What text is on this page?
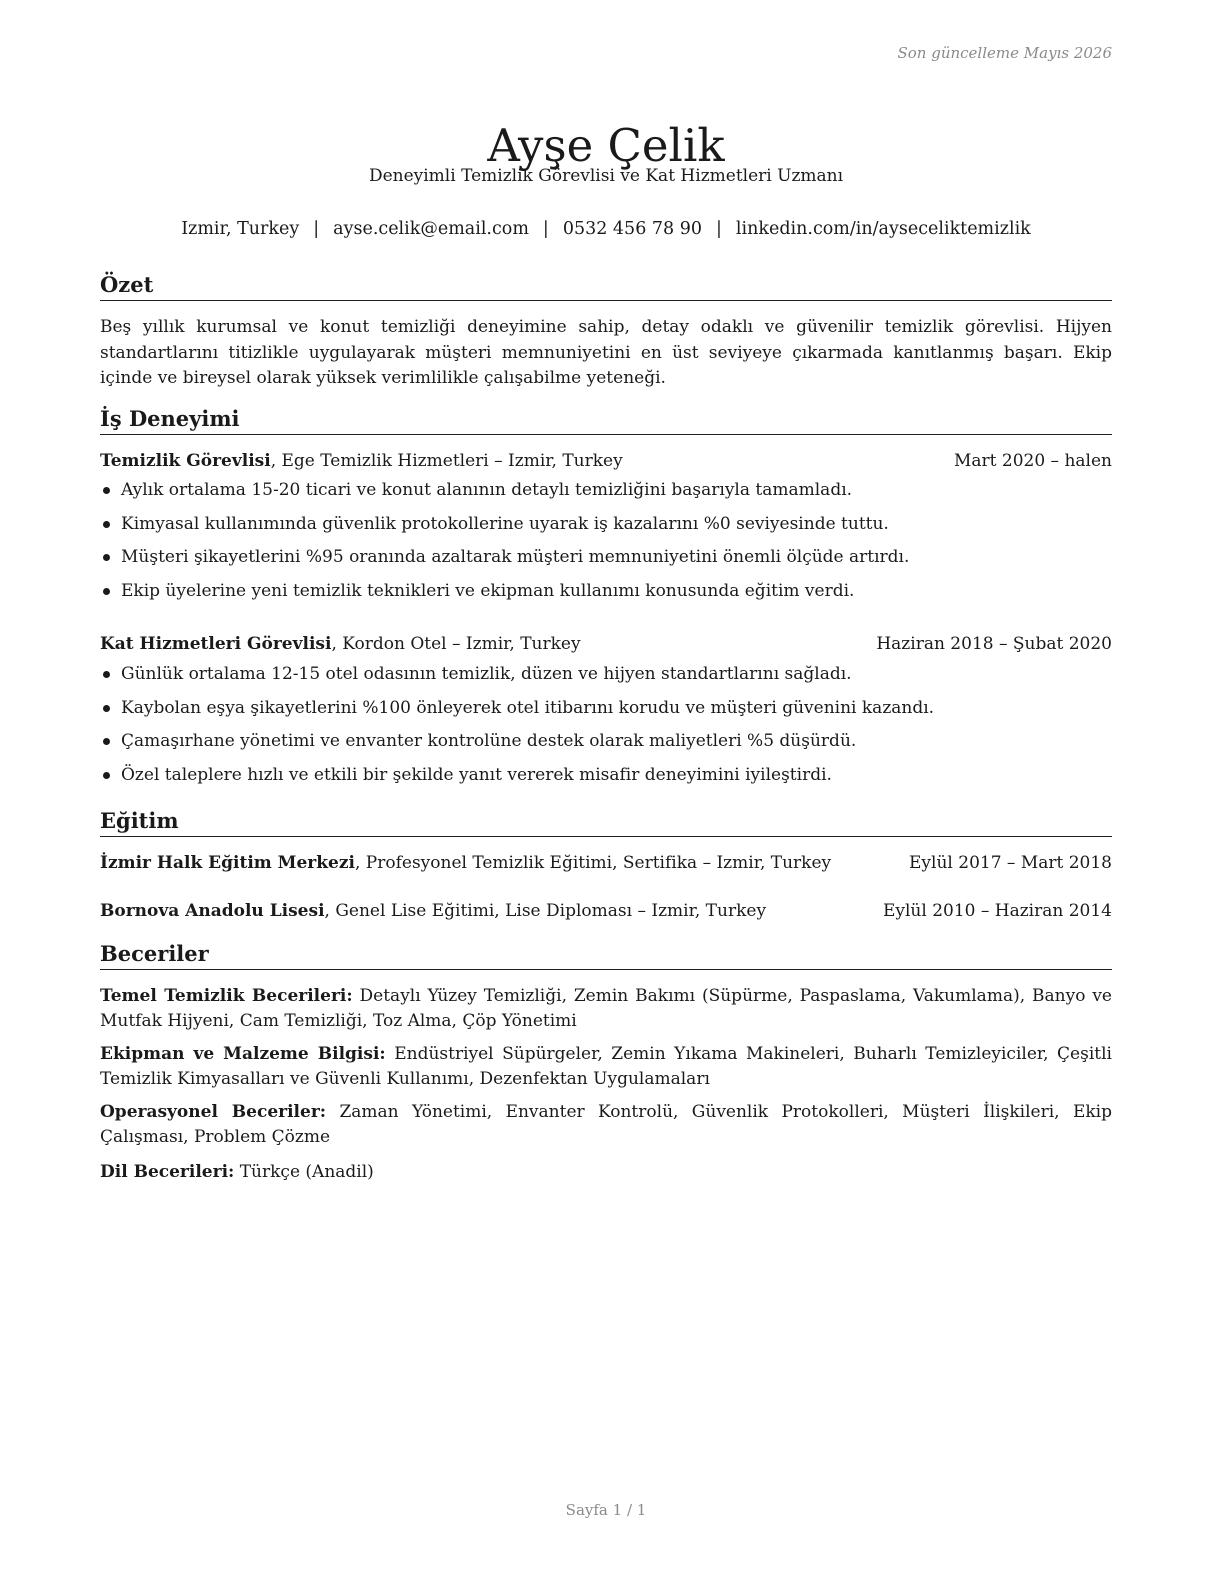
Son güncelleme Mayıs 2026
Ayşe Çelik
Deneyimli Temizlik Görevlisi ve Kat Hizmetleri Uzmanı
Izmir, Turkey | ayse.celik@email.com | 0532 456 78 90 | linkedin.com/in/ayseceliktemizlik
Özet
Beş yıllık kurumsal ve konut temizliği deneyimine sahip, detay odaklı ve güvenilir temizlik görevlisi. Hijyen standartlarını titizlikle uygulayarak müşteri memnuniyetini en üst seviyeye çıkarmada kanıtlanmış başarı. Ekip içinde ve bireysel olarak yüksek verimlilikle çalışabilme yeteneği.
İş Deneyimi
Temizlik Görevlisi, Ege Temizlik Hizmetleri – Izmir, Turkey	Mart 2020 – halen
Aylık ortalama 15-20 ticari ve konut alanının detaylı temizliğini başarıyla tamamladı.
Kimyasal kullanımında güvenlik protokollerine uyarak iş kazalarını %0 seviyesinde tuttu.
Müşteri şikayetlerini %95 oranında azaltarak müşteri memnuniyetini önemli ölçüde artırdı.
Ekip üyelerine yeni temizlik teknikleri ve ekipman kullanımı konusunda eğitim verdi.
Kat Hizmetleri Görevlisi, Kordon Otel – Izmir, Turkey	Haziran 2018 – Şubat 2020
Günlük ortalama 12-15 otel odasının temizlik, düzen ve hijyen standartlarını sağladı.
Kaybolan eşya şikayetlerini %100 önleyerek otel itibarını korudu ve müşteri güvenini kazandı.
Çamaşırhane yönetimi ve envanter kontrolüne destek olarak maliyetleri %5 düşürdü.
Özel taleplere hızlı ve etkili bir şekilde yanıt vererek misafir deneyimini iyileştirdi.
Eğitim
İzmir Halk Eğitim Merkezi, Profesyonel Temizlik Eğitimi, Sertifika – Izmir, Turkey	Eylül 2017 – Mart 2018
Bornova Anadolu Lisesi, Genel Lise Eğitimi, Lise Diploması – Izmir, Turkey	Eylül 2010 – Haziran 2014
Beceriler
Temel Temizlik Becerileri: Detaylı Yüzey Temizliği, Zemin Bakımı (Süpürme, Paspaslama, Vakumlama), Banyo ve Mutfak Hijyeni, Cam Temizliği, Toz Alma, Çöp Yönetimi
Ekipman ve Malzeme Bilgisi: Endüstriyel Süpürgeler, Zemin Yıkama Makineleri, Buharlı Temizleyiciler, Çeşitli Temizlik Kimyasalları ve Güvenli Kullanımı, Dezenfektan Uygulamaları
Operasyonel Beceriler: Zaman Yönetimi, Envanter Kontrolü, Güvenlik Protokolleri, Müşteri İlişkileri, Ekip Çalışması, Problem Çözme
Dil Becerileri: Türkçe (Anadil)
Sayfa 1 / 1
